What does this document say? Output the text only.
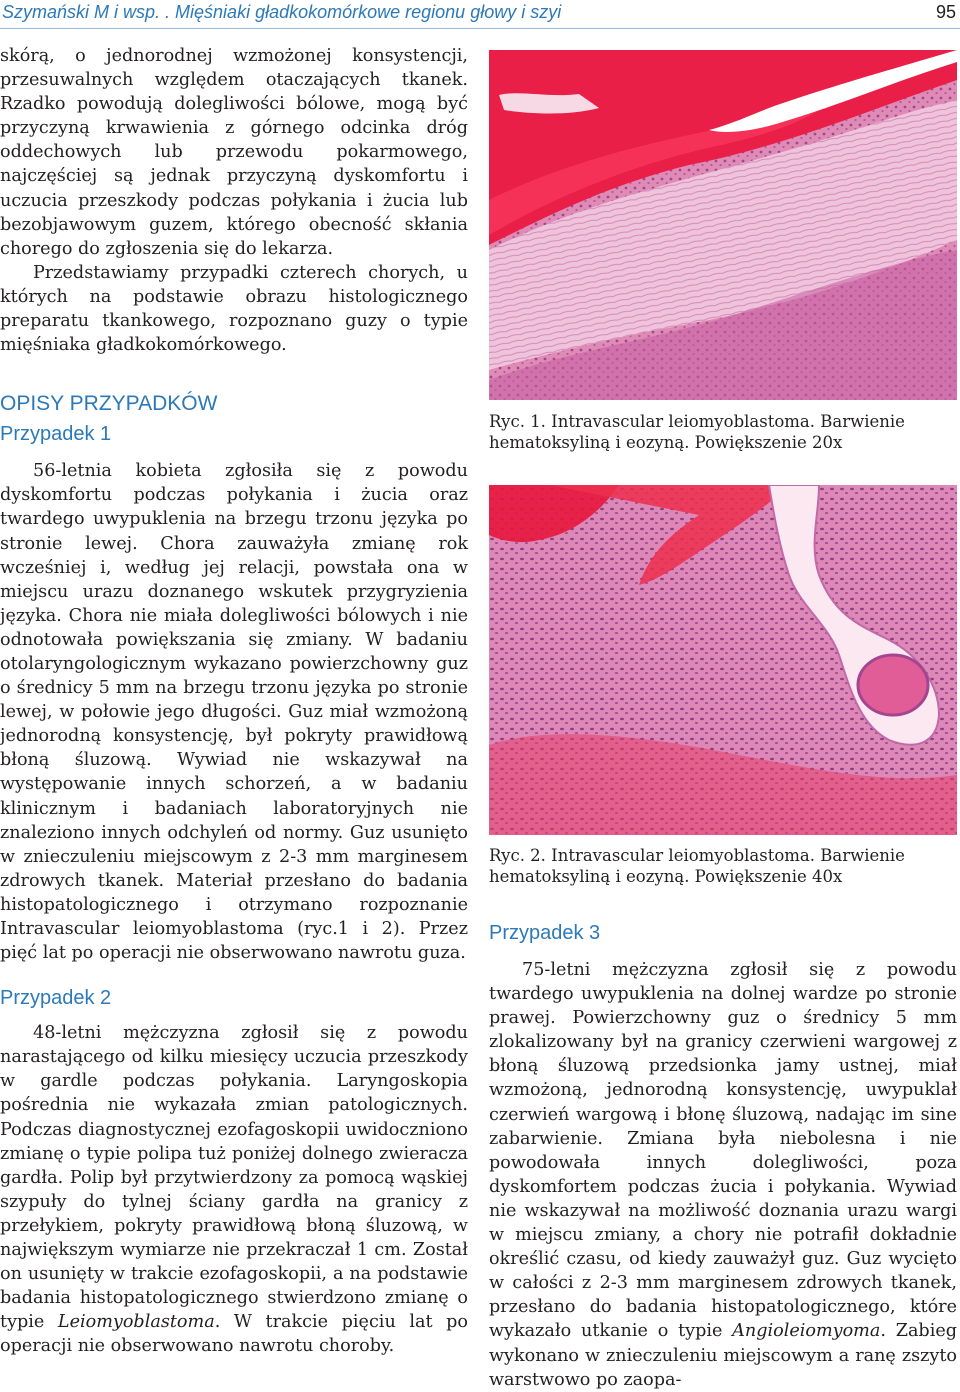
Szymański M i wsp. . Mięśniaki gładkokomórkowe regionu głowy i szyi	95

skórą, o jednorodnej wzmożonej konsystencji, przesuwalnych względem otaczających tkanek. Rzadko powodują dolegliwości bólowe, mogą być przyczyną krwawienia z górnego odcinka dróg oddechowych lub przewodu pokarmowego, najczęściej są jednak przyczyną dyskomfortu i uczucia przeszkody podczas połykania i żucia lub bezobjawowym guzem, którego obecność skłania chorego do zgłoszenia się do lekarza.

Przedstawiamy przypadki czterech chorych, u których na podstawie obrazu histologicznego preparatu tkankowego, rozpoznano guzy o typie mięśniaka gładkokomórkowego.

OPISY PRZYPADKÓW
Przypadek 1

56-letnia kobieta zgłosiła się z powodu dyskomfortu podczas połykania i żucia oraz twardego uwypuklenia na brzegu trzonu języka po stronie lewej. Chora zauważyła zmianę rok wcześniej i, według jej relacji, powstała ona w miejscu urazu doznanego wskutek przygryzienia języka. Chora nie miała dolegliwości bólowych i nie odnotowała powiększania się zmiany. W badaniu otolaryngologicznym wykazano powierzchowny guz o średnicy 5 mm na brzegu trzonu języka po stronie lewej, w połowie jego długości. Guz miał wzmożoną jednorodną konsystencję, był pokryty prawidłową błoną śluzową. Wywiad nie wskazywał na występowanie innych schorzeń, a w badaniu klinicznym i badaniach laboratoryjnych nie znaleziono innych odchyleń od normy. Guz usunięto w znieczuleniu miejscowym z 2-3 mm marginesem zdrowych tkanek. Materiał przesłano do badania histopatologicznego i otrzymano rozpoznanie Intravascular leiomyoblastoma (ryc.1 i 2). Przez pięć lat po operacji nie obserwowano nawrotu guza.

Przypadek 2

48-letni mężczyzna zgłosił się z powodu narastającego od kilku miesięcy uczucia przeszkody w gardle podczas połykania. Laryngoskopia pośrednia nie wykazała zmian patologicznych. Podczas diagnostycznej ezofagoskopii uwidoczniono zmianę o typie polipa tuż poniżej dolnego zwieracza gardła. Polip był przytwierdzony za pomocą wąskiej szypuły do tylnej ściany gardła na granicy z przełykiem, pokryty prawidłową błoną śluzową, w największym wymiarze nie przekraczał 1 cm. Został on usunięty w trakcie ezofagoskopii, a na podstawie badania histopatologicznego stwierdzono zmianę o typie Leiomyoblastoma. W trakcie pięciu lat po operacji nie obserwowano nawrotu choroby.

Ryc. 1. Intravascular leiomyoblastoma. Barwienie hematoksyliną i eozyną. Powiększenie 20x

Ryc. 2. Intravascular leiomyoblastoma. Barwienie hematoksyliną i eozyną. Powiększenie 40x

Przypadek 3

75-letni mężczyzna zgłosił się z powodu twardego uwypuklenia na dolnej wardze po stronie prawej. Powierzchowny guz o średnicy 5 mm zlokalizowany był na granicy czerwieni wargowej z błoną śluzową przedsionka jamy ustnej, miał wzmożoną, jednorodną konsystencję, uwypuklał czerwień wargową i błonę śluzową, nadając im sine zabarwienie. Zmiana była niebolesna i nie powodowała innych dolegliwości, poza dyskomfortem podczas żucia i połykania. Wywiad nie wskazywał na możliwość doznania urazu wargi w miejscu zmiany, a chory nie potrafił dokładnie określić czasu, od kiedy zauważył guz. Guz wycięto w całości z 2-3 mm marginesem zdrowych tkanek, przesłano do badania histopatologicznego, które wykazało utkanie o typie Angioleiomyoma. Zabieg wykonano w znieczuleniu miejscowym a ranę zszyto warstwowo po zaopa-
